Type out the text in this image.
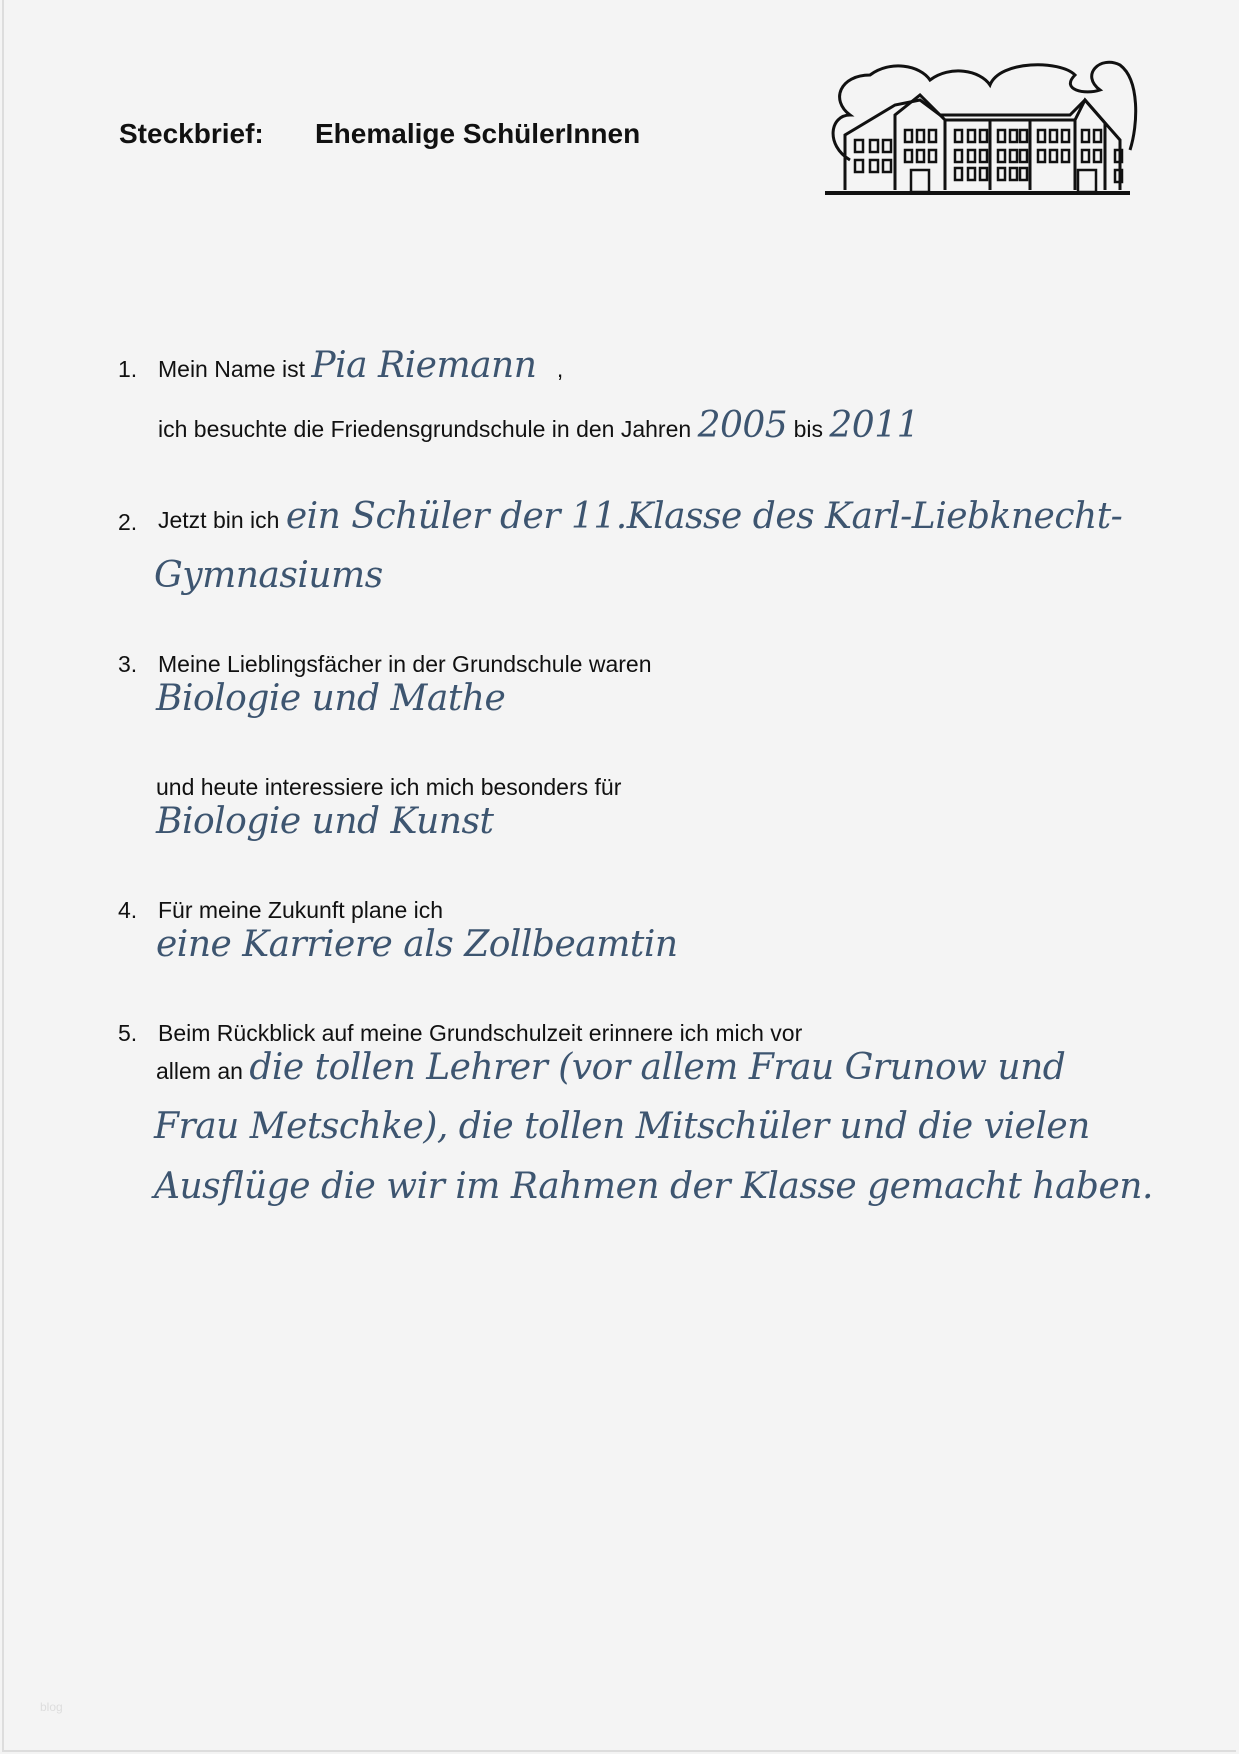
Steckbrief: Ehemalige SchülerInnen
1. Mein Name ist Pia Riemann ,
ich besuchte die Friedensgrundschule in den Jahren 2005 bis 2011
2. Jetzt bin ich ein Schüler der 11.Klasse des Karl-Liebknecht-
Gymnasiums
3. Meine Lieblingsfächer in der Grundschule waren
Biologie und Mathe
und heute interessiere ich mich besonders für
Biologie und Kunst
4. Für meine Zukunft plane ich
eine Karriere als Zollbeamtin
5. Beim Rückblick auf meine Grundschulzeit erinnere ich mich vor
allem an die tollen Lehrer (vor allem Frau Grunow und
Frau Metschke), die tollen Mitschüler und die vielen
Ausflüge die wir im Rahmen der Klasse gemacht haben.
blog
